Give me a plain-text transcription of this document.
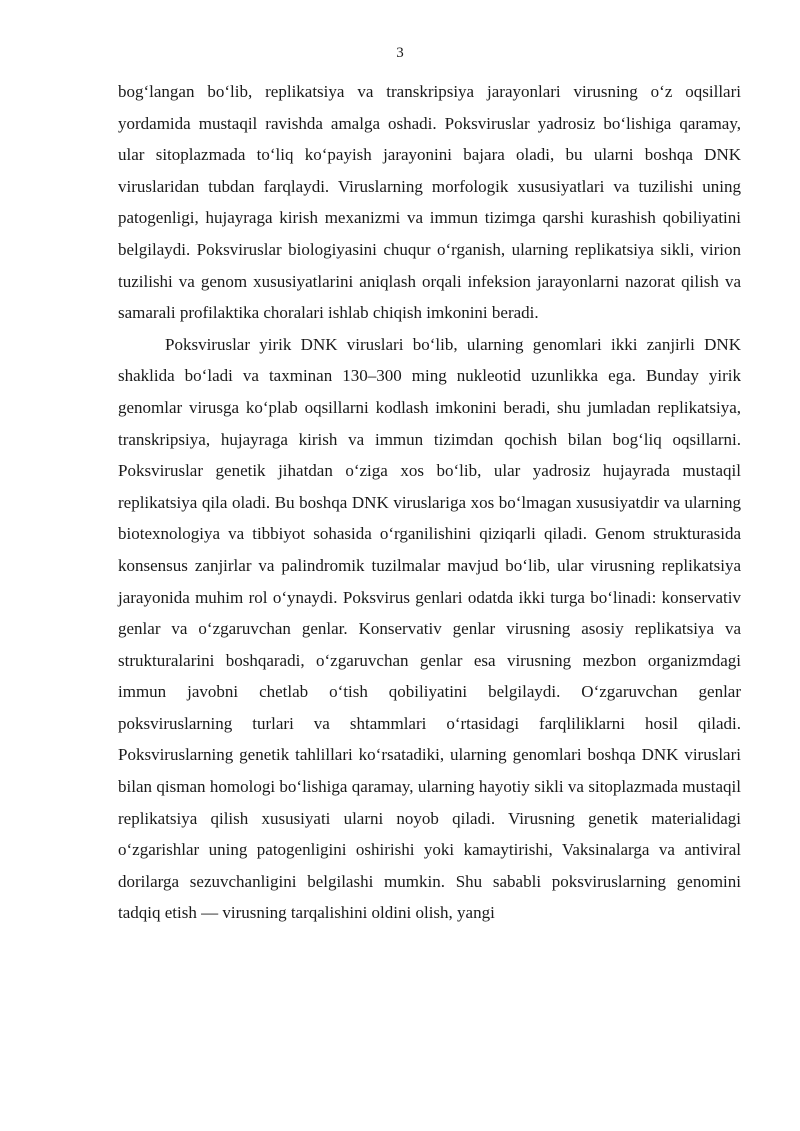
3

bog‘langan bo‘lib, replikatsiya va transkripsiya jarayonlari virusning o‘z oqsillari yordamida mustaqil ravishda amalga oshadi. Poksviruslar yadrosiz bo‘lishiga qaramay, ular sitoplazmada to‘liq ko‘payish jarayonini bajara oladi, bu ularni boshqa DNK viruslaridan tubdan farqlaydi. Viruslarning morfologik xususiyatlari va tuzilishi uning patogenligi, hujayraga kirish mexanizmi va immun tizimga qarshi kurashish qobiliyatini belgilaydi. Poksviruslar biologiyasini chuqur o‘rganish, ularning replikatsiya sikli, virion tuzilishi va genom xususiyatlarini aniqlash orqali infeksion jarayonlarni nazorat qilish va samarali profilaktika choralari ishlab chiqish imkonini beradi.

Poksviruslar yirik DNK viruslari bo‘lib, ularning genomlari ikki zanjirli DNK shaklida bo‘ladi va taxminan 130–300 ming nukleotid uzunlikka ega. Bunday yirik genomlar virusga ko‘plab oqsillarni kodlash imkonini beradi, shu jumladan replikatsiya, transkripsiya, hujayraga kirish va immun tizimdan qochish bilan bog‘liq oqsillarni. Poksviruslar genetik jihatdan o‘ziga xos bo‘lib, ular yadrosiz hujayrada mustaqil replikatsiya qila oladi. Bu boshqa DNK viruslariga xos bo‘lmagan xususiyatdir va ularning biotexnologiya va tibbiyot sohasida o‘rganilishini qiziqarli qiladi. Genom strukturasida konsensus zanjirlar va palindromik tuzilmalar mavjud bo‘lib, ular virusning replikatsiya jarayonida muhim rol o‘ynaydi. Poksvirus genlari odatda ikki turga bo‘linadi: konservativ genlar va o‘zgaruvchan genlar. Konservativ genlar virusning asosiy replikatsiya va strukturalarini boshqaradi, o‘zgaruvchan genlar esa virusning mezbon organizmdagi immun javobni chetlab o‘tish qobiliyatini belgilaydi. O‘zgaruvchan genlar poksviruslarning turlari va shtammlari o‘rtasidagi farqliliklarni hosil qiladi. Poksviruslarning genetik tahlillari ko‘rsatadiki, ularning genomlari boshqa DNK viruslari bilan qisman homologi bo‘lishiga qaramay, ularning hayotiy sikli va sitoplazmada mustaqil replikatsiya qilish xususiyati ularni noyob qiladi. Virusning genetik materialidagi o‘zgarishlar uning patogenligini oshirishi yoki kamaytirishi, Vaksinalarga va antiviral dorilarga sezuvchanligini belgilashi mumkin. Shu sababli poksviruslarning genomini tadqiq etish — virusning tarqalishini oldini olish, yangi
